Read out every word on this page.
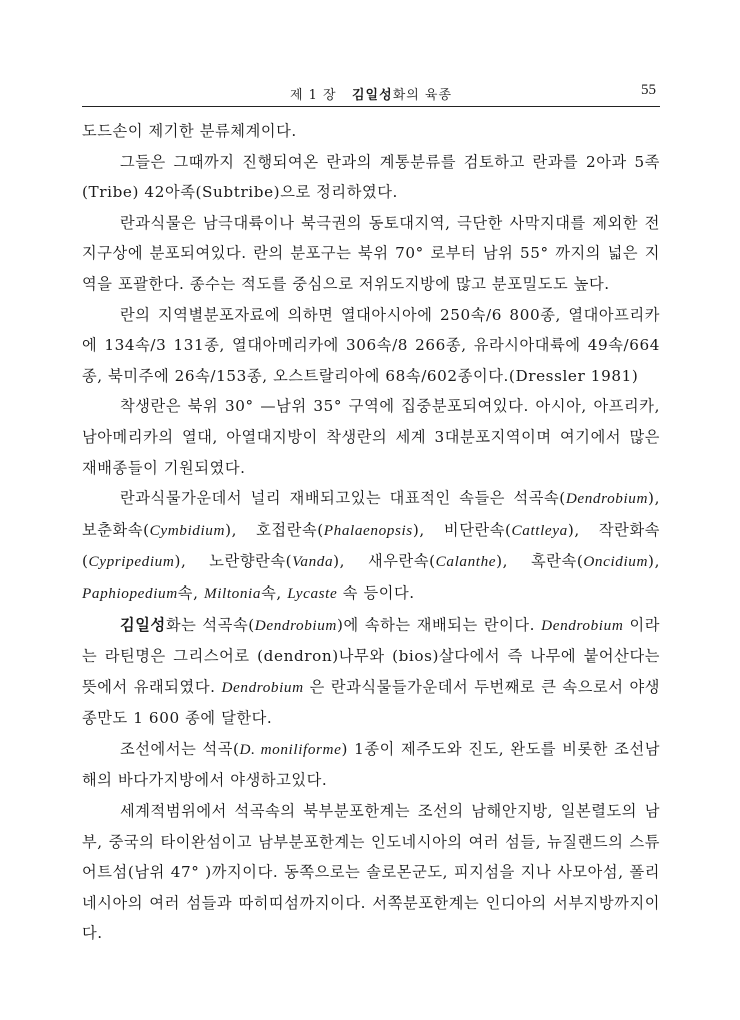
제 1 장 김일성화의 육종	55

도드손이 제기한 분류체계이다.

그들은 그때까지 진행되여온 란과의 계통분류를 검토하고 란과를 2아과 5족(Tribe) 42아족(Subtribe)으로 정리하였다.

란과식물은 남극대륙이나 북극권의 동토대지역, 극단한 사막지대를 제외한 전 지구상에 분포되여있다. 란의 분포구는 북위 70° 로부터 남위 55° 까지의 넓은 지역을 포괄한다. 종수는 적도를 중심으로 저위도지방에 많고 분포밀도도 높다.

란의 지역별분포자료에 의하면 열대아시아에 250속/6 800종, 열대아프리카에 134속/3 131종, 열대아메리카에 306속/8 266종, 유라시아대륙에 49속/664종, 북미주에 26속/153종, 오스트랄리아에 68속/602종이다.(Dressler 1981)

착생란은 북위 30° —남위 35° 구역에 집중분포되여있다. 아시아, 아프리카, 남아메리카의 열대, 아열대지방이 착생란의 세계 3대분포지역이며 여기에서 많은 재배종들이 기원되였다.

란과식물가운데서 널리 재배되고있는 대표적인 속들은 석곡속(Dendrobium), 보춘화속(Cymbidium), 호접란속(Phalaenopsis), 비단란속(Cattleya), 작란화속(Cypripedium), 노란향란속(Vanda), 새우란속(Calanthe), 혹란속(Oncidium), Paphiopedium속, Miltonia속, Lycaste 속 등이다.

김일성화는 석곡속(Dendrobium)에 속하는 재배되는 란이다. Dendrobium 이라는 라틴명은 그리스어로 (dendron)나무와 (bios)살다에서 즉 나무에 붙어산다는 뜻에서 유래되였다. Dendrobium 은 란과식물들가운데서 두번째로 큰 속으로서 야생종만도 1 600 종에 달한다.

조선에서는 석곡(D. moniliforme) 1종이 제주도와 진도, 완도를 비롯한 조선남해의 바다가지방에서 야생하고있다.

세계적범위에서 석곡속의 북부분포한계는 조선의 남해안지방, 일본렬도의 남부, 중국의 타이완섬이고 남부분포한계는 인도네시아의 여러 섬들, 뉴질랜드의 스튜어트섬(남위 47° )까지이다. 동쪽으로는 솔로몬군도, 피지섬을 지나 사모아섬, 폴리네시아의 여러 섬들과 따히띠섬까지이다. 서쪽분포한계는 인디아의 서부지방까지이다.
